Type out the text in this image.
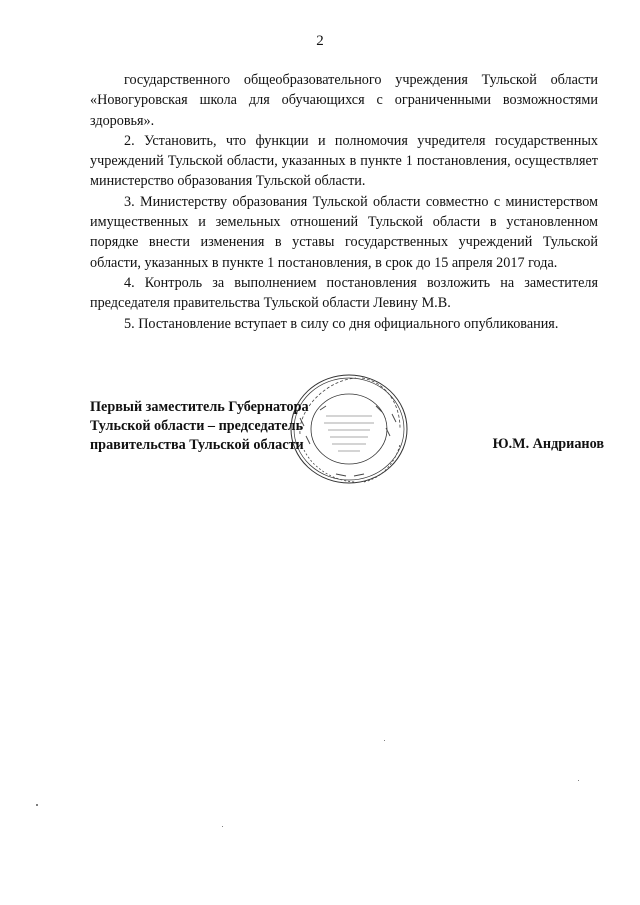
2

государственного общеобразовательного учреждения Тульской области «Новогуровская школа для обучающихся с ограниченными возможностями здоровья».

2. Установить, что функции и полномочия учредителя государственных учреждений Тульской области, указанных в пункте 1 постановления, осуществляет министерство образования Тульской области.

3. Министерству образования Тульской области совместно с министерством имущественных и земельных отношений Тульской области в установленном порядке внести изменения в уставы государственных учреждений Тульской области, указанных в пункте 1 постановления, в срок до 15 апреля 2017 года.

4. Контроль за выполнением постановления возложить на заместителя председателя правительства Тульской области Левину М.В.

5. Постановление вступает в силу со дня официального опубликования.

Первый заместитель Губернатора
Тульской области – председатель
правительства Тульской области	Ю.М. Андрианов
